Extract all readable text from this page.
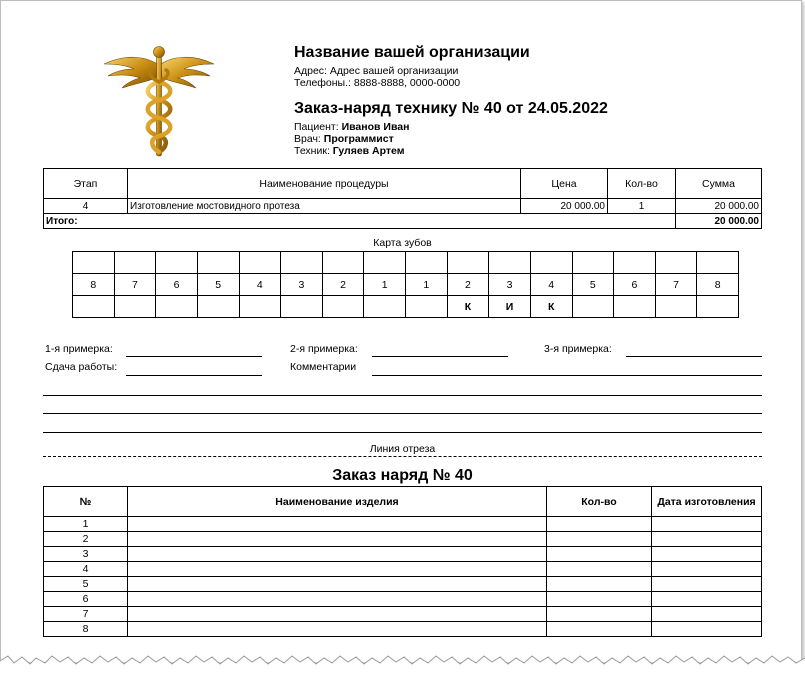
Название вашей организации
Адрес: Адрес вашей организации
Телефоны.: 8888-8888, 0000-0000
Заказ-наряд технику № 40 от 24.05.2022
Пациент: Иванов Иван
Врач: Программист
Техник: Гуляев Артем
Этап	Наименование процедуры	Цена	Кол-во	Сумма
4	Изготовление мостовидного протеза	20 000.00	1	20 000.00
Итого:				20 000.00
Карта зубов

8	7	6	5	4	3	2	1	1	2	3	4	5	6	7	8
									К	И	К				
1-я примерка:	2-я примерка:	3-я примерка:
Сдача работы:	Комментарии
Линия отреза
Заказ наряд № 40
№	Наименование изделия	Кол-во	Дата изготовления
1			
2			
3			
4			
5			
6			
7			
8			
